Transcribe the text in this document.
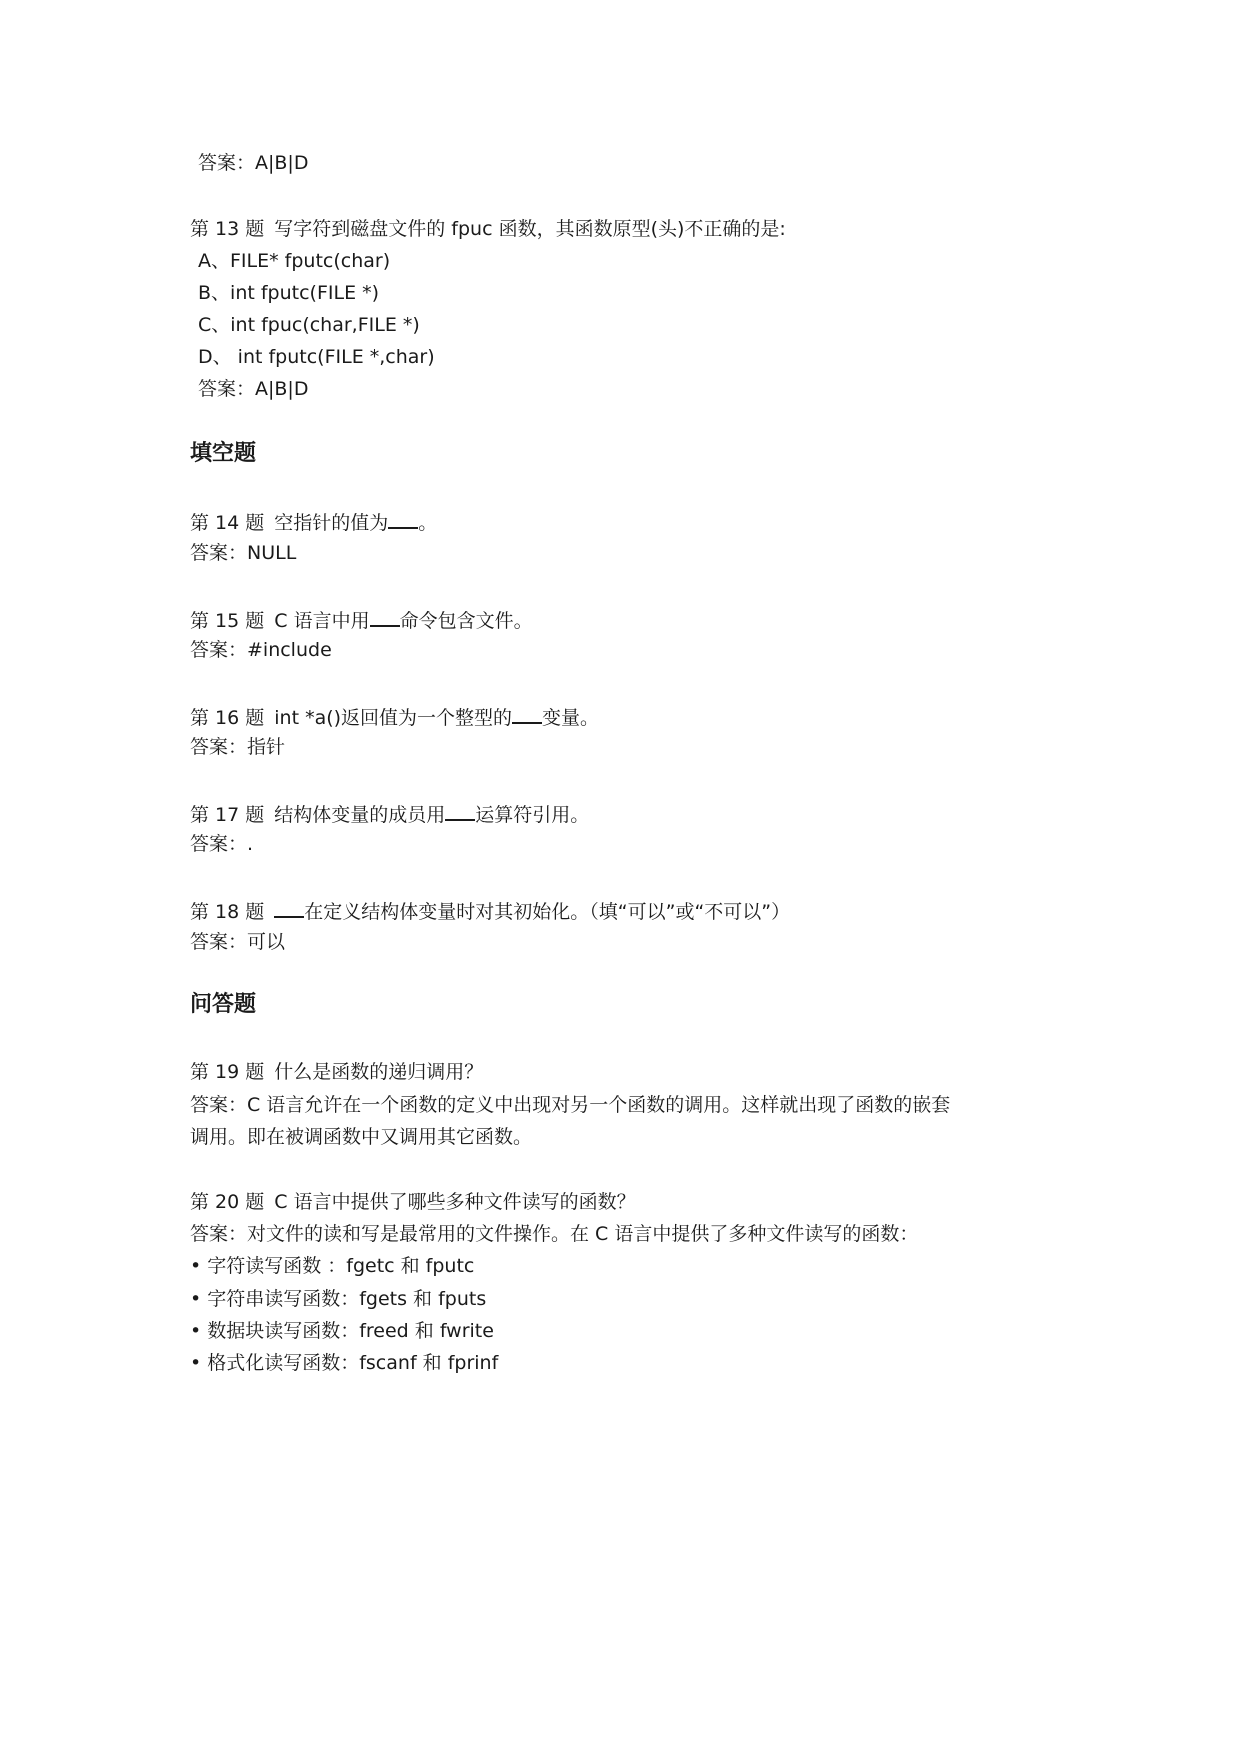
答案：A|B|D
第 13 题 写字符到磁盘文件的 fpuc 函数，其函数原型(头)不正确的是:
A、FILE* fputc(char)
B、int fputc(FILE *)
C、int fpuc(char,FILE *)
D、 int fputc(FILE *,char)
答案：A|B|D
填空题
第 14 题 空指针的值为 。
答案：NULL
第 15 题 C 语言中用 命令包含文件。
答案：#include
第 16 题 int *a()返回值为一个整型的 变量。
答案：指针
第 17 题 结构体变量的成员用 运算符引用。
答案：.
第 18 题 在定义结构体变量时对其初始化。（填“可以”或“不可以”）
答案：可以
问答题
第 19 题 什么是函数的递归调用？
答案：C 语言允许在一个函数的定义中出现对另一个函数的调用。这样就出现了函数的嵌套
调用。即在被调函数中又调用其它函数。
第 20 题 C 语言中提供了哪些多种文件读写的函数？
答案：对文件的读和写是最常用的文件操作。在 C 语言中提供了多种文件读写的函数：
• 字符读写函数 ：fgetc 和 fputc
• 字符串读写函数：fgets 和 fputs
• 数据块读写函数：freed 和 fwrite
• 格式化读写函数：fscanf 和 fprinf
